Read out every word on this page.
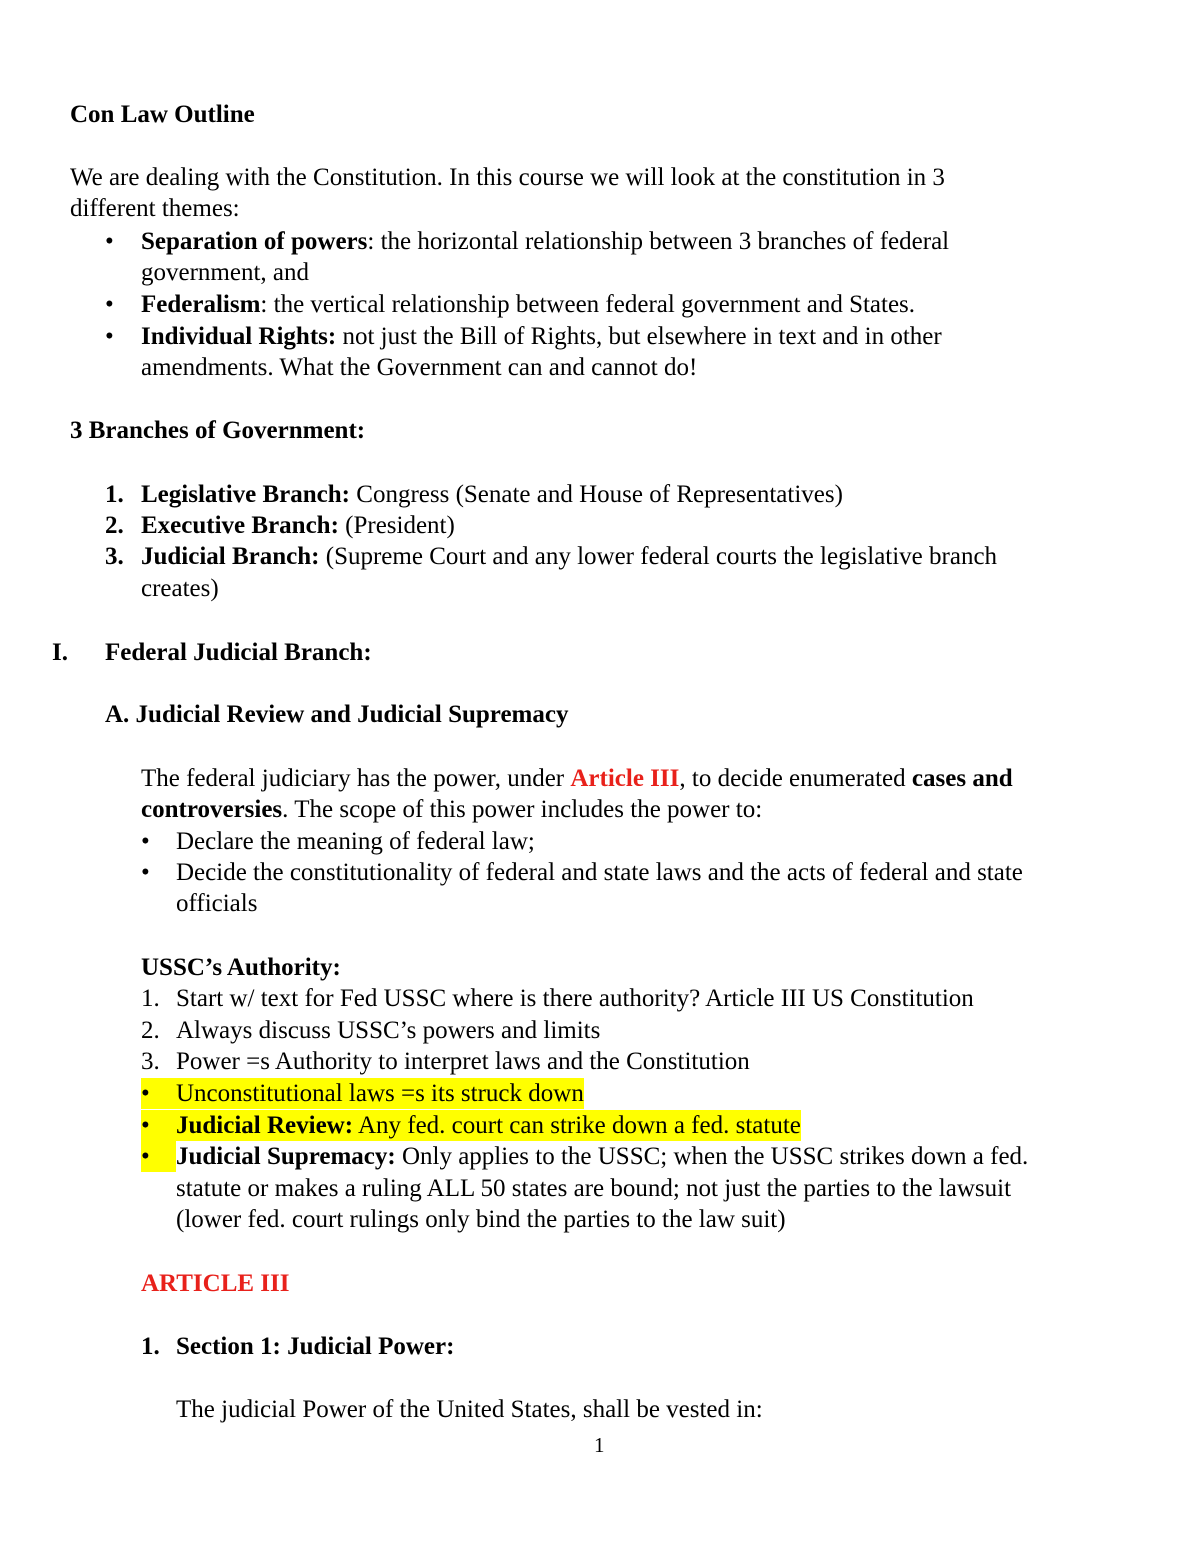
Con Law Outline
We are dealing with the Constitution. In this course we will look at the constitution in 3
different themes:
• Separation of powers: the horizontal relationship between 3 branches of federal
government, and
• Federalism: the vertical relationship between federal government and States.
• Individual Rights: not just the Bill of Rights, but elsewhere in text and in other
amendments. What the Government can and cannot do!
3 Branches of Government:
1. Legislative Branch: Congress (Senate and House of Representatives)
2. Executive Branch: (President)
3. Judicial Branch: (Supreme Court and any lower federal courts the legislative branch
creates)
I. Federal Judicial Branch:
A. Judicial Review and Judicial Supremacy
The federal judiciary has the power, under Article III, to decide enumerated cases and
controversies. The scope of this power includes the power to:
• Declare the meaning of federal law;
• Decide the constitutionality of federal and state laws and the acts of federal and state
officials
USSC’s Authority:
1. Start w/ text for Fed USSC where is there authority? Article III US Constitution
2. Always discuss USSC’s powers and limits
3. Power =s Authority to interpret laws and the Constitution
•	Unconstitutional laws =s its struck down
•	Judicial Review: Any fed. court can strike down a fed. statute
•	Judicial Supremacy: Only applies to the USSC; when the USSC strikes down a fed.
statute or makes a ruling ALL 50 states are bound; not just the parties to the lawsuit
(lower fed. court rulings only bind the parties to the law suit)
ARTICLE III
1. Section 1: Judicial Power:
The judicial Power of the United States, shall be vested in:
1
